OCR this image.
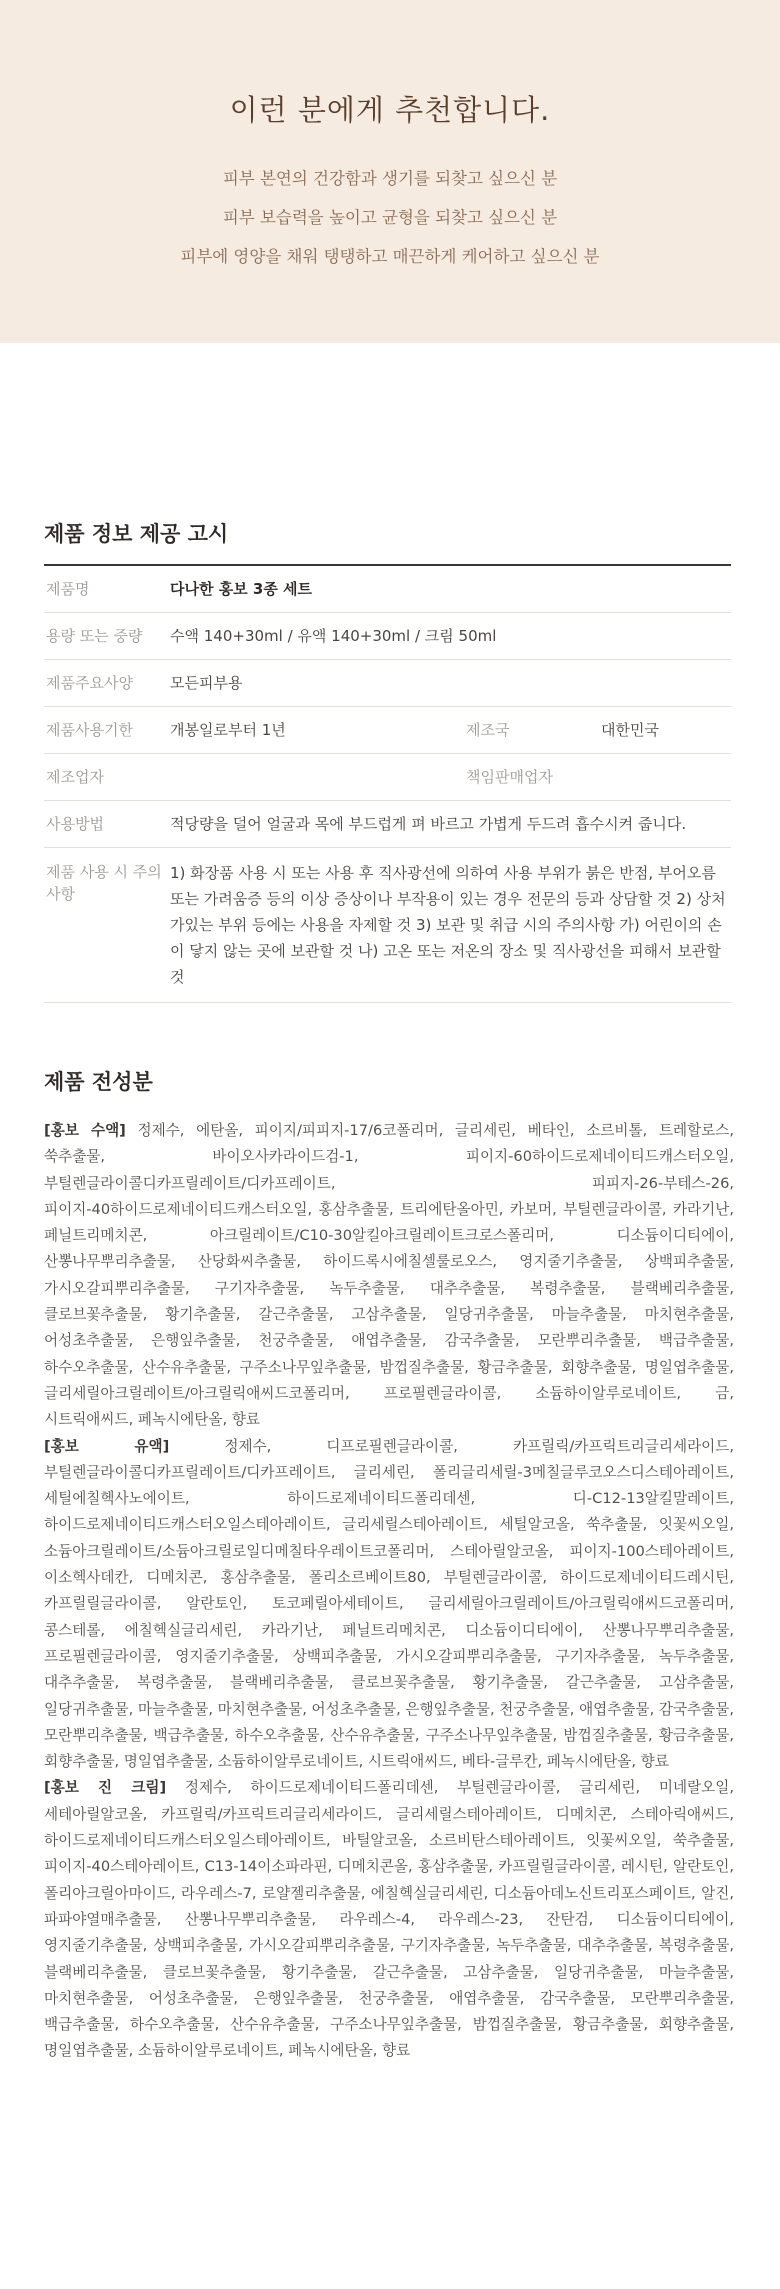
이런 분에게 추천합니다.
피부 본연의 건강함과 생기를 되찾고 싶으신 분
피부 보습력을 높이고 균형을 되찾고 싶으신 분
피부에 영양을 채워 탱탱하고 매끈하게 케어하고 싶으신 분
제품 정보 제공 고시
제품명	다나한 홍보 3종 세트		
용량 또는 중량	수액 140+30ml / 유액 140+30ml / 크림 50ml		
제품주요사양	모든피부용		
제품사용기한	개봉일로부터 1년	제조국	대한민국
제조업자		책임판매업자	
사용방법	적당량을 덜어 얼굴과 목에 부드럽게 펴 바르고 가볍게 두드려 흡수시켜 줍니다.		
제품 사용 시 주의사항	1) 화장품 사용 시 또는 사용 후 직사광선에 의하여 사용 부위가 붉은 반점, 부어오름 또는 가려움증 등의 이상 증상이나 부작용이 있는 경우 전문의 등과 상담할 것 2) 상처가있는 부위 등에는 사용을 자제할 것 3) 보관 및 취급 시의 주의사항 가) 어린이의 손이 닿지 않는 곳에 보관할 것 나) 고온 또는 저온의 장소 및 직사광선을 피해서 보관할 것		
제품 전성분

[홍보 수액] 정제수, 에탄올, 피이지/피피지-17/6코폴리머, 글리세린, 베타인, 소르비톨, 트레할로스, 쑥추출물, 바이오사카라이드검-1, 피이지-60하이드로제네이티드캐스터오일, 부틸렌글라이콜디카프릴레이트/디카프레이트, 피피지-26-부테스-26, 피이지-40하이드로제네이티드캐스터오일, 홍삼추출물, 트리에탄올아민, 카보머, 부틸렌글라이콜, 카라기난, 페닐트리메치콘, 아크릴레이트/C10-30알킬아크릴레이트크로스폴리머, 디소듐이디티에이, 산뽕나무뿌리추출물, 산당화씨추출물, 하이드록시에칠셀룰로오스, 영지줄기추출물, 상백피추출물, 가시오갈피뿌리추출물, 구기자추출물, 녹두추출물, 대추추출물, 복령추출물, 블랙베리추출물, 클로브꽃추출물, 황기추출물, 갈근추출물, 고삼추출물, 일당귀추출물, 마늘추출물, 마치현추출물, 어성초추출물, 은행잎추출물, 천궁추출물, 애엽추출물, 감국추출물, 모란뿌리추출물, 백급추출물, 하수오추출물, 산수유추출물, 구주소나무잎추출물, 밤껍질추출물, 황금추출물, 회향추출물, 명일엽추출물, 글리세릴아크릴레이트/아크릴릭애씨드코폴리머, 프로필렌글라이콜, 소듐하이알루로네이트, 금, 시트릭애씨드, 페녹시에탄올, 향료

[홍보 유액] 정제수, 디프로필렌글라이콜, 카프릴릭/카프릭트리글리세라이드, 부틸렌글라이콜디카프릴레이트/디카프레이트, 글리세린, 폴리글리세릴-3메칠글루코오스디스테아레이트, 세틸에칠헥사노에이트, 하이드로제네이티드폴리데센, 디-C12-13알킬말레이트, 하이드로제네이티드캐스터오일스테아레이트, 글리세릴스테아레이트, 세틸알코올, 쑥추출물, 잇꽃씨오일, 소듐아크릴레이트/소듐아크릴로일디메칠타우레이트코폴리머, 스테아릴알코올, 피이지-100스테아레이트, 이소헥사데칸, 디메치콘, 홍삼추출물, 폴리소르베이트80, 부틸렌글라이콜, 하이드로제네이티드레시틴, 카프릴릴글라이콜, 알란토인, 토코페릴아세테이트, 글리세릴아크릴레이트/아크릴릭애씨드코폴리머, 콩스테롤, 에칠헥실글리세린, 카라기난, 페닐트리메치콘, 디소듐이디티에이, 산뽕나무뿌리추출물, 프로필렌글라이콜, 영지줄기추출물, 상백피추출물, 가시오갈피뿌리추출물, 구기자추출물, 녹두추출물, 대추추출물, 복령추출물, 블랙베리추출물, 클로브꽃추출물, 황기추출물, 갈근추출물, 고삼추출물, 일당귀추출물, 마늘추출물, 마치현추출물, 어성초추출물, 은행잎추출물, 천궁추출물, 애엽추출물, 감국추출물, 모란뿌리추출물, 백급추출물, 하수오추출물, 산수유추출물, 구주소나무잎추출물, 밤껍질추출물, 황금추출물, 회향추출물, 명일엽추출물, 소듐하이알루로네이트, 시트릭애씨드, 베타-글루칸, 페녹시에탄올, 향료

[홍보 진 크림] 정제수, 하이드로제네이티드폴리데센, 부틸렌글라이콜, 글리세린, 미네랄오일, 세테아릴알코올, 카프릴릭/카프릭트리글리세라이드, 글리세릴스테아레이트, 디메치콘, 스테아릭애씨드, 하이드로제네이티드캐스터오일스테아레이트, 바틸알코올, 소르비탄스테아레이트, 잇꽃씨오일, 쑥추출물, 피이지-40스테아레이트, C13-14이소파라핀, 디메치콘올, 홍삼추출물, 카프릴릴글라이콜, 레시틴, 알란토인, 폴리아크릴아마이드, 라우레스-7, 로얄젤리추출물, 에칠헥실글리세린, 디소듐아데노신트리포스페이트, 알진, 파파야열매추출물, 산뽕나무뿌리추출물, 라우레스-4, 라우레스-23, 잔탄검, 디소듐이디티에이, 영지줄기추출물, 상백피추출물, 가시오갈피뿌리추출물, 구기자추출물, 녹두추출물, 대추추출물, 복령추출물, 블랙베리추출물, 클로브꽃추출물, 황기추출물, 갈근추출물, 고삼추출물, 일당귀추출물, 마늘추출물, 마치현추출물, 어성초추출물, 은행잎추출물, 천궁추출물, 애엽추출물, 감국추출물, 모란뿌리추출물, 백급추출물, 하수오추출물, 산수유추출물, 구주소나무잎추출물, 밤껍질추출물, 황금추출물, 회향추출물, 명일엽추출물, 소듐하이알루로네이트, 페녹시에탄올, 향료
